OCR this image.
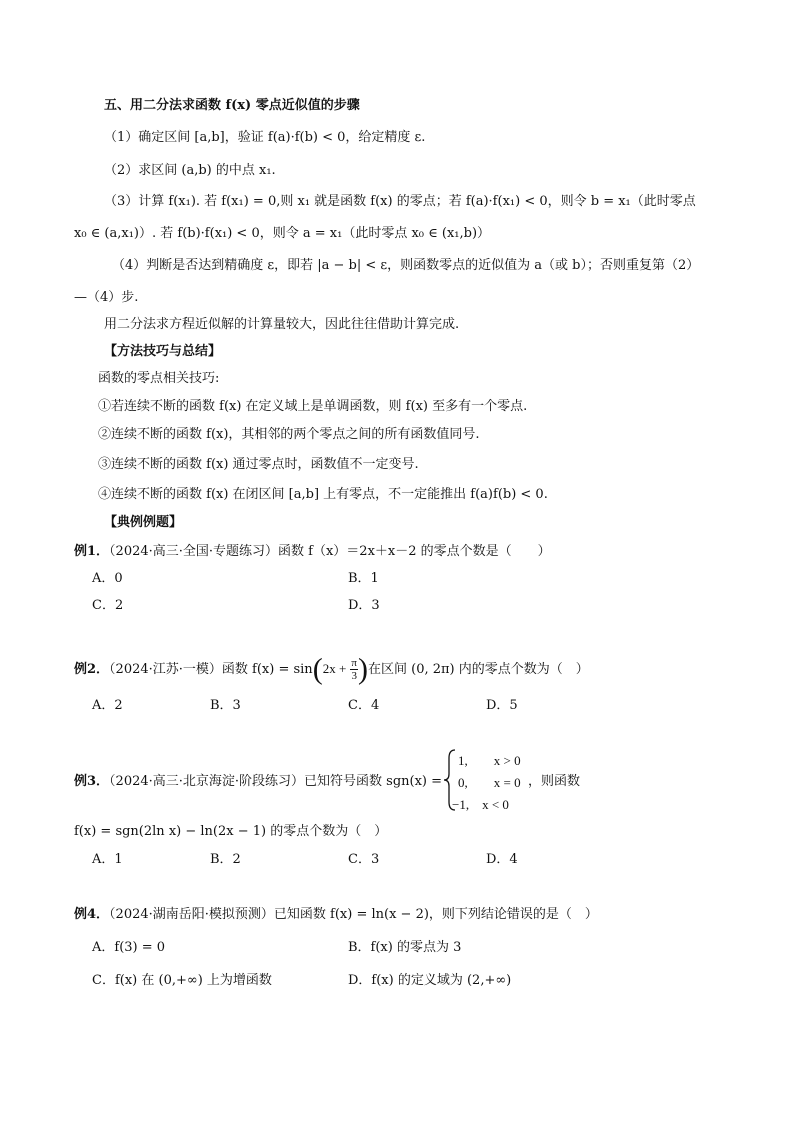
五、用二分法求函数 f(x) 零点近似值的步骤
（1）确定区间 [a,b]，验证 f(a)·f(b) < 0，给定精度 ε.
（2）求区间 (a,b) 的中点 x₁.
（3）计算 f(x₁). 若 f(x₁) = 0,则 x₁ 就是函数 f(x) 的零点；若 f(a)·f(x₁) < 0，则令 b = x₁（此时零点
x₀ ∈ (a,x₁)）. 若 f(b)·f(x₁) < 0，则令 a = x₁（此时零点 x₀ ∈ (x₁,b)）
（4）判断是否达到精确度 ε，即若 |a − b| < ε，则函数零点的近似值为 a（或 b）；否则重复第（2）
—（4）步.
用二分法求方程近似解的计算量较大，因此往往借助计算完成.
【方法技巧与总结】
函数的零点相关技巧:
①若连续不断的函数 f(x) 在定义域上是单调函数，则 f(x) 至多有一个零点.
②连续不断的函数 f(x)，其相邻的两个零点之间的所有函数值同号.
③连续不断的函数 f(x) 通过零点时，函数值不一定变号.
④连续不断的函数 f(x) 在闭区间 [a,b] 上有零点，不一定能推出 f(a)f(b) < 0.
【典例例题】
例1．（2024·高三·全国·专题练习）函数 f（x）＝2x＋x－2 的零点个数是（　　）
A．0	B．1
C．2	D．3
例2．（2024·江苏·一模）函数 $f(x) = \sin(2x + \frac{\pi}{3}$ )在区间 (0, 2π) 内的零点个数为（　）
A．2	B．3	C．4	D．5
例3．（2024·高三·北京海淀·阶段练习）已知符号函数 sgn(x) =
1,　　x > 0
0,　　x = 0
−1,　x < 0
，则函数
f(x) = sgn(2ln x) − ln(2x − 1) 的零点个数为（　）
A．1	B．2	C．3	D．4
例4．（2024·湖南岳阳·模拟预测）已知函数 f(x) = ln(x − 2)，则下列结论错误的是（　）
A．f(3) = 0	B．f(x) 的零点为 3
C．f(x) 在 (0,+∞) 上为增函数	D．f(x) 的定义域为 (2,+∞)
